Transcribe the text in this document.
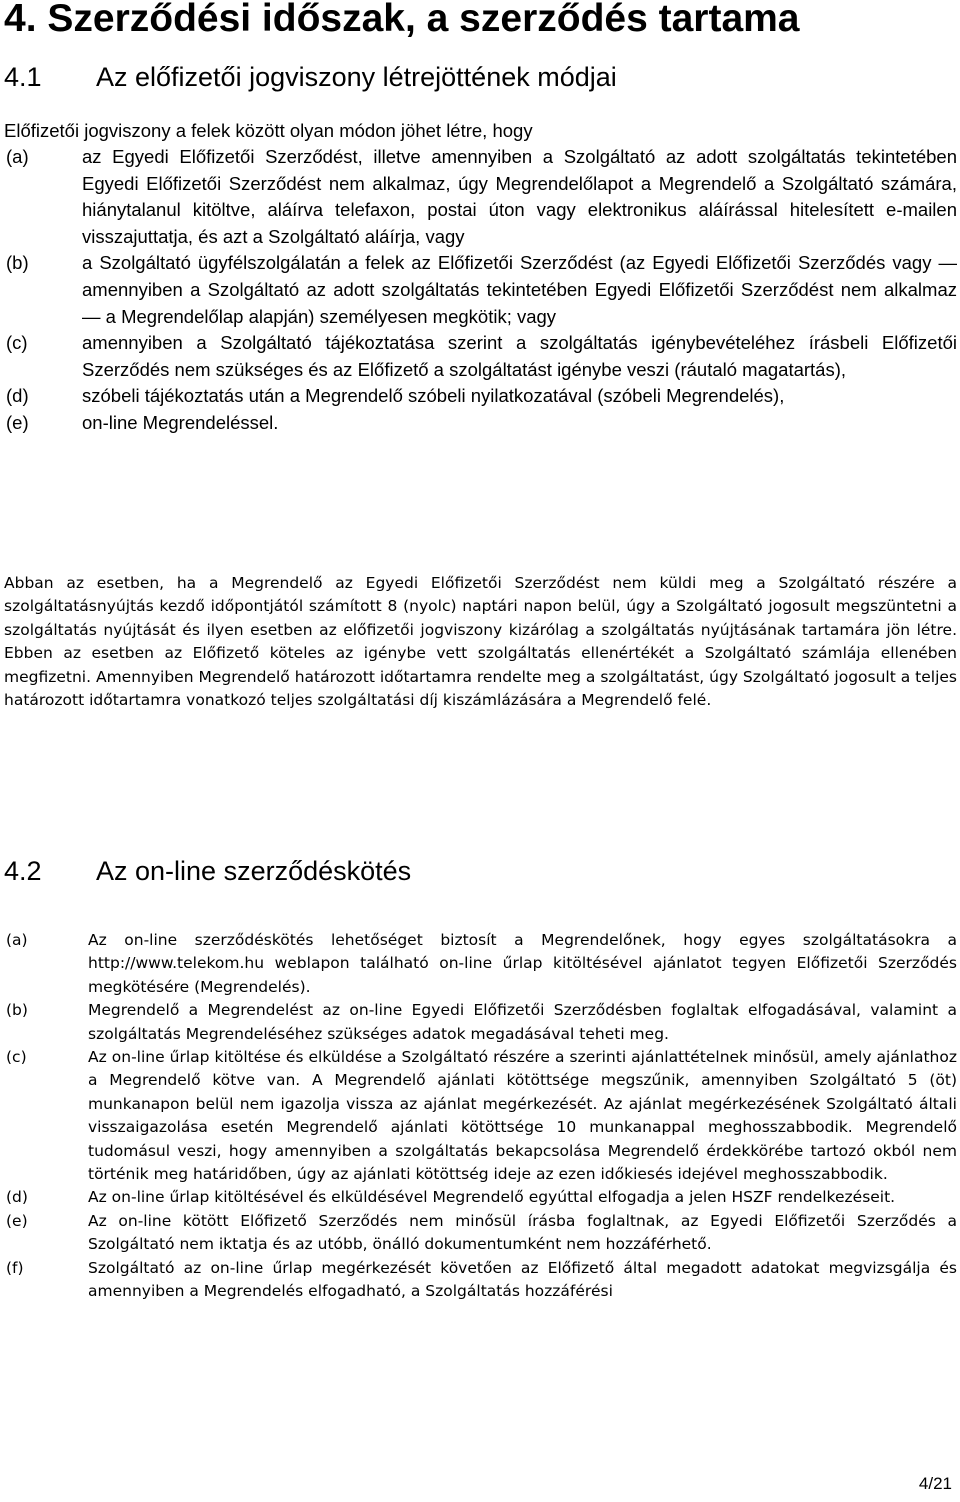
4. Szerződési időszak, a szerződés tartama
4.1 Az előfizetői jogviszony létrejöttének módjai

Előfizetői jogviszony a felek között olyan módon jöhet létre, hogy

(a)	az Egyedi Előfizetői Szerződést, illetve amennyiben a Szolgáltató az adott szolgáltatás tekintetében Egyedi Előfizetői Szerződést nem alkalmaz, úgy Megrendelőlapot a Megrendelő a Szolgáltató számára, hiánytalanul kitöltve, aláírva telefaxon, postai úton vagy elektronikus aláírással hitelesített e-mailen visszajuttatja, és azt a Szolgáltató aláírja, vagy
(b)	a Szolgáltató ügyfélszolgálatán a felek az Előfizetői Szerződést (az Egyedi Előfizetői Szerződés vagy — amennyiben a Szolgáltató az adott szolgáltatás tekintetében Egyedi Előfizetői Szerződést nem alkalmaz — a Megrendelőlap alapján) személyesen megkötik; vagy
(c)	amennyiben a Szolgáltató tájékoztatása szerint a szolgáltatás igénybevételéhez írásbeli Előfizetői Szerződés nem szükséges és az Előfizető a szolgáltatást igénybe veszi (ráutaló magatartás),
(d)	szóbeli tájékoztatás után a Megrendelő szóbeli nyilatkozatával (szóbeli Megrendelés),
(e)	on-line Megrendeléssel.

Abban az esetben, ha a Megrendelő az Egyedi Előfizetői Szerződést nem küldi meg a Szolgáltató részére a szolgáltatásnyújtás kezdő időpontjától számított 8 (nyolc) naptári napon belül, úgy a Szolgáltató jogosult megszüntetni a szolgáltatás nyújtását és ilyen esetben az előfizetői jogviszony kizárólag a szolgáltatás nyújtásának tartamára jön létre. Ebben az esetben az Előfizető köteles az igénybe vett szolgáltatás ellenértékét a Szolgáltató számlája ellenében megfizetni. Amennyiben Megrendelő határozott időtartamra rendelte meg a szolgáltatást, úgy Szolgáltató jogosult a teljes határozott időtartamra vonatkozó teljes szolgáltatási díj kiszámlázására a Megrendelő felé.

4.2 Az on-line szerződéskötés
(a)	Az on-line szerződéskötés lehetőséget biztosít a Megrendelőnek, hogy egyes szolgáltatásokra a http://www.telekom.hu weblapon található on-line űrlap kitöltésével ajánlatot tegyen Előfizetői Szerződés megkötésére (Megrendelés).
(b)	Megrendelő a Megrendelést az on-line Egyedi Előfizetői Szerződésben foglaltak elfogadásával, valamint a szolgáltatás Megrendeléséhez szükséges adatok megadásával teheti meg.
(c)	Az on-line űrlap kitöltése és elküldése a Szolgáltató részére a szerinti ajánlattételnek minősül, amely ajánlathoz a Megrendelő kötve van. A Megrendelő ajánlati kötöttsége megszűnik, amennyiben Szolgáltató 5 (öt) munkanapon belül nem igazolja vissza az ajánlat megérkezését. Az ajánlat megérkezésének Szolgáltató általi visszaigazolása esetén Megrendelő ajánlati kötöttsége 10 munkanappal meghosszabbodik. Megrendelő tudomásul veszi, hogy amennyiben a szolgáltatás bekapcsolása Megrendelő érdekkörébe tartozó okból nem történik meg határidőben, úgy az ajánlati kötöttség ideje az ezen időkiesés idejével meghosszabbodik.
(d)	Az on-line űrlap kitöltésével és elküldésével Megrendelő egyúttal elfogadja a jelen HSZF rendelkezéseit.
(e)	Az on-line kötött Előfizető Szerződés nem minősül írásba foglaltnak, az Egyedi Előfizetői Szerződés a Szolgáltató nem iktatja és az utóbb, önálló dokumentumként nem hozzáférhető.
(f)	Szolgáltató az on-line űrlap megérkezését követően az Előfizető által megadott adatokat megvizsgálja és amennyiben a Megrendelés elfogadható, a Szolgáltatás hozzáférési
4/21
